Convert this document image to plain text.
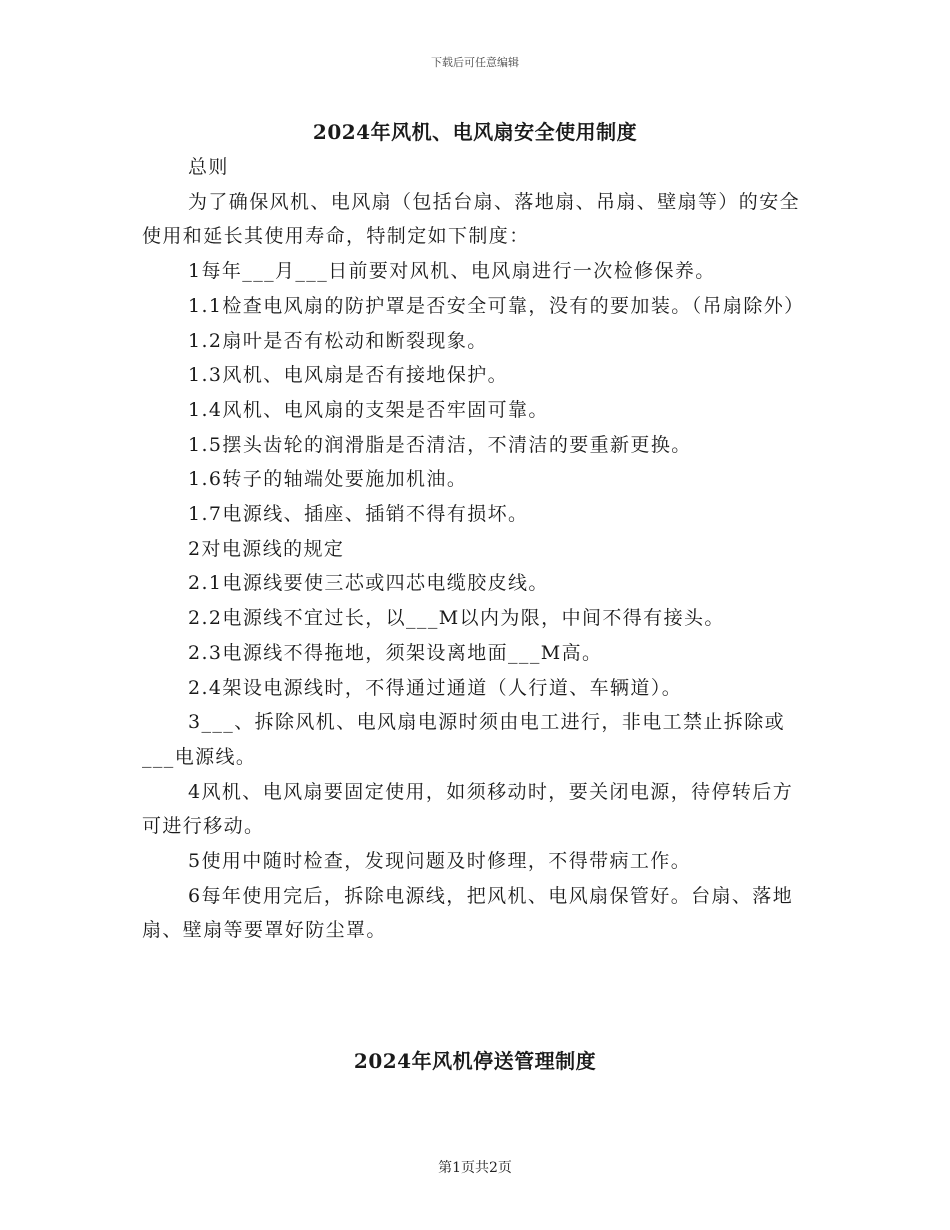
下载后可任意编辑
2024年风机、电风扇安全使用制度

总则

为了确保风机、电风扇（包括台扇、落地扇、吊扇、壁扇等）的安全使用和延长其使用寿命，特制定如下制度：

1每年___月___日前要对风机、电风扇进行一次检修保养。

1.1检查电风扇的防护罩是否安全可靠，没有的要加装。（吊扇除外）

1.2扇叶是否有松动和断裂现象。

1.3风机、电风扇是否有接地保护。

1.4风机、电风扇的支架是否牢固可靠。

1.5摆头齿轮的润滑脂是否清洁，不清洁的要重新更换。

1.6转子的轴端处要施加机油。

1.7电源线、插座、插销不得有损坏。

2对电源线的规定

2.1电源线要使三芯或四芯电缆胶皮线。

2.2电源线不宜过长，以___M以内为限，中间不得有接头。

2.3电源线不得拖地，须架设离地面___M高。

2.4架设电源线时，不得通过通道（人行道、车辆道）。

3___、拆除风机、电风扇电源时须由电工进行，非电工禁止拆除或___电源线。

4风机、电风扇要固定使用，如须移动时，要关闭电源，待停转后方可进行移动。

5使用中随时检查，发现问题及时修理，不得带病工作。

6每年使用完后，拆除电源线，把风机、电风扇保管好。台扇、落地扇、壁扇等要罩好防尘罩。

2024年风机停送管理制度
第1页共2页
